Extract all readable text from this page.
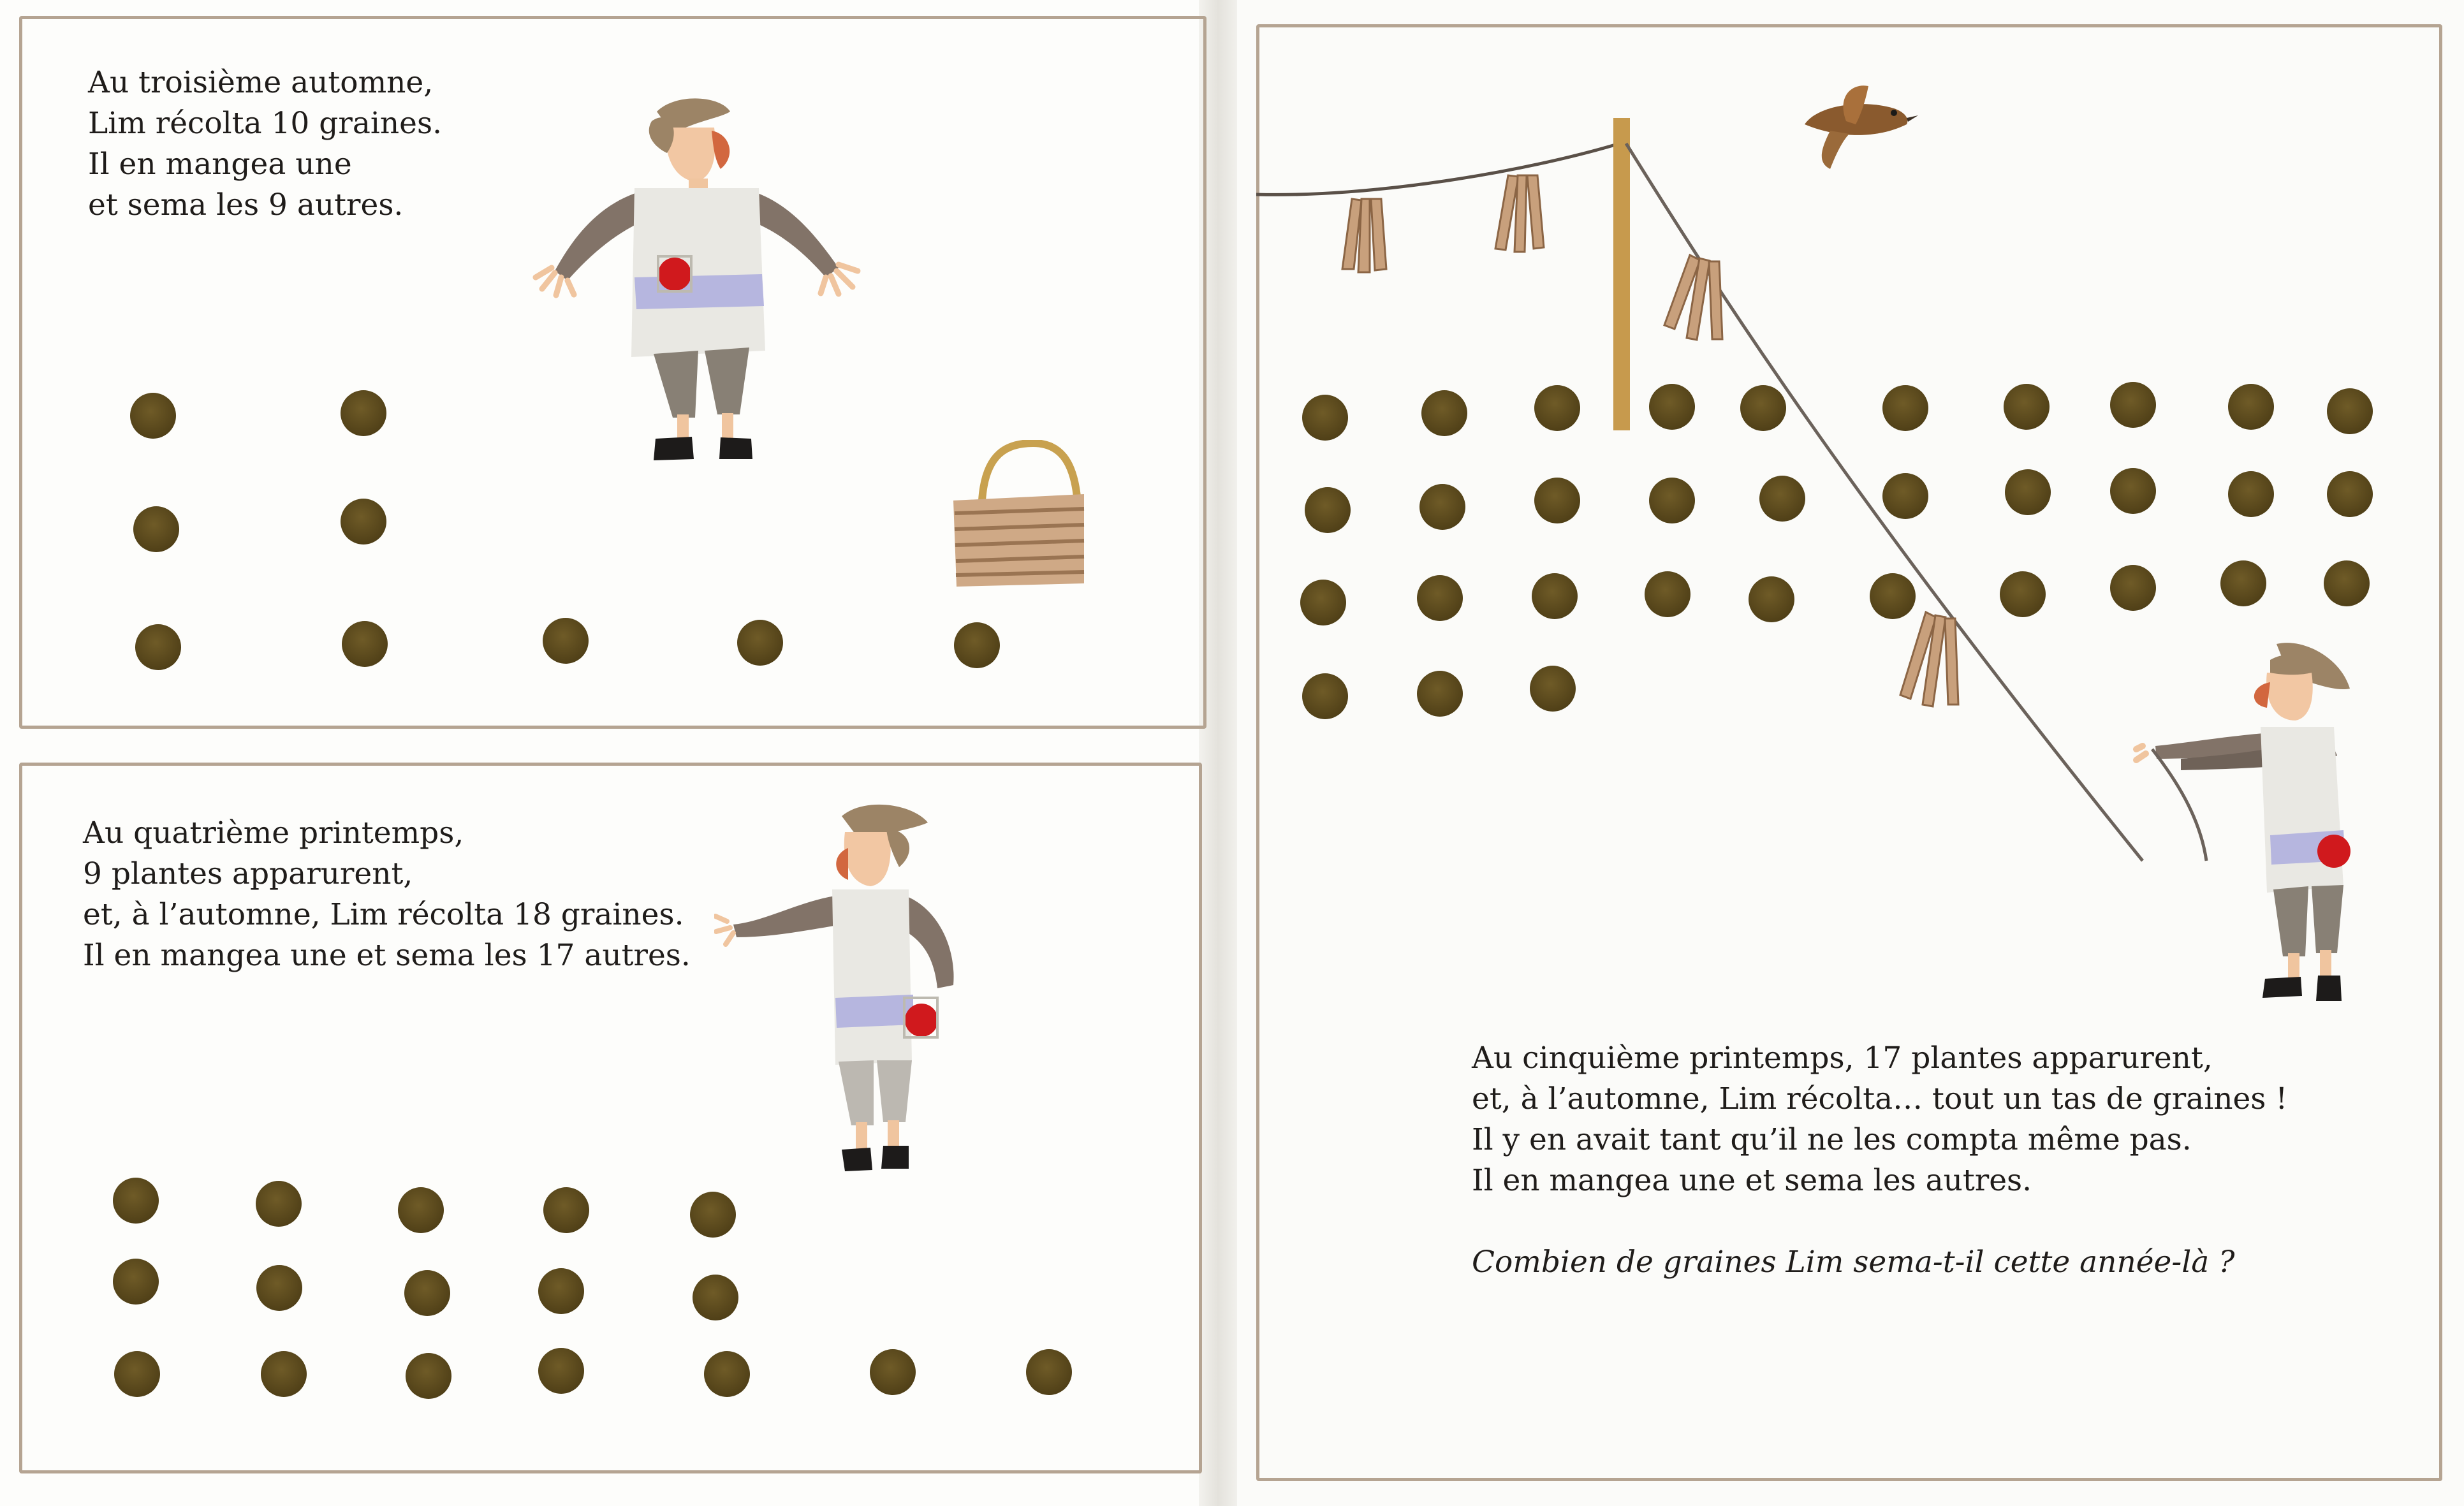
Au troisième automne,
Lim récolta 10 graines.
Il en mangea une
et sema les 9 autres.
Au quatrième printemps,
9 plantes apparurent,
et, à l’automne, Lim récolta 18 graines.
Il en mangea une et sema les 17 autres.
Au cinquième printemps, 17 plantes apparurent,
et, à l’automne, Lim récolta… tout un tas de graines !
Il y en avait tant qu’il ne les compta même pas.
Il en mangea une et sema les autres.
Combien de graines Lim sema-t-il cette année-là ?
